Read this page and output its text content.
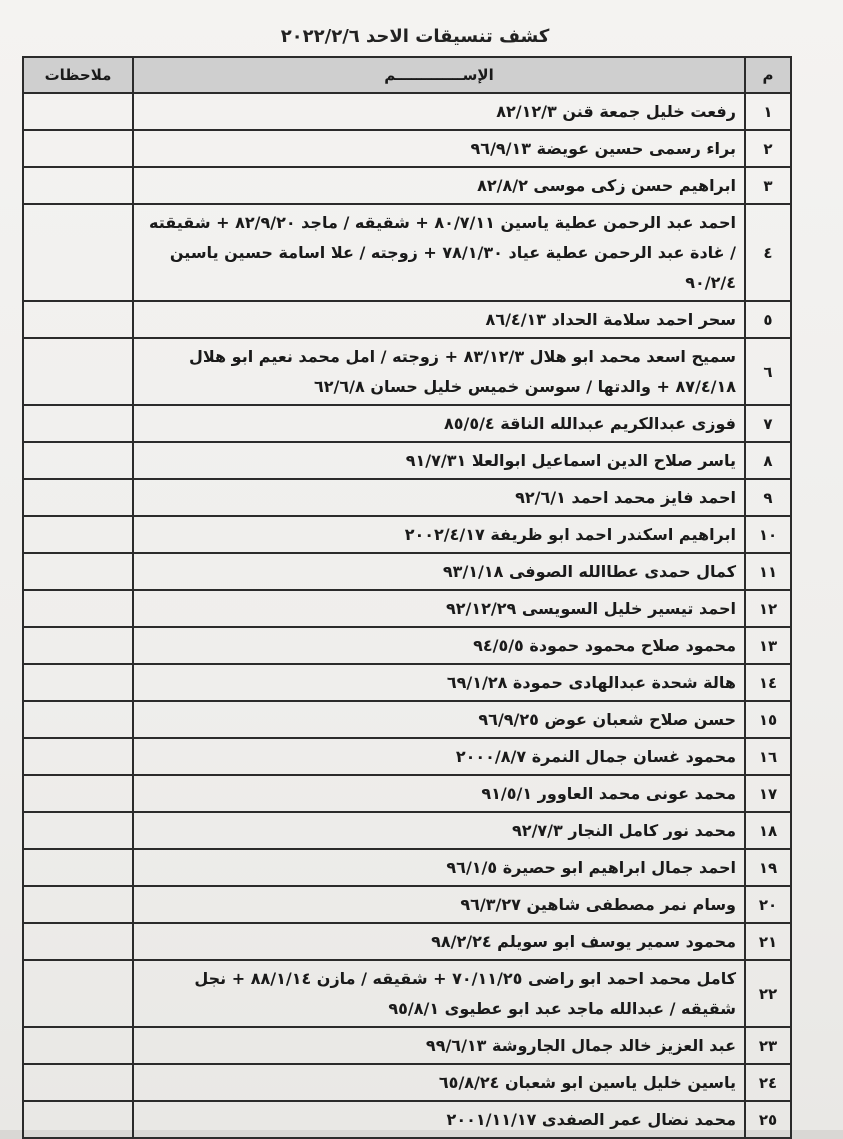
كشف تنسيقات الاحد ٢٠٢٢/٢/٦
م	الإســـــــــــــم	ملاحظات
١	رفعت خليل جمعة قنن ٨٢/١٢/٣	
٢	براء رسمى حسين عويضة ٩٦/٩/١٣	
٣	ابراهيم حسن زكى موسى ٨٢/٨/٢	
٤	احمد عبد الرحمن عطية ياسين ٨٠/٧/١١ + شقيقه / ماجد ٨٢/٩/٢٠ + شقيقته / غادة عبد الرحمن عطية عياد ٧٨/١/٣٠ + زوجته / علا اسامة حسين ياسين ٩٠/٢/٤	
٥	سحر احمد سلامة الحداد ٨٦/٤/١٣	
٦	سميح اسعد محمد ابو هلال ٨٣/١٢/٣ + زوجته / امل محمد نعيم ابو هلال ٨٧/٤/١٨ + والدتها / سوسن خميس خليل حسان ٦٢/٦/٨	
٧	فوزى عبدالكريم عبدالله الناقة ٨٥/٥/٤	
٨	ياسر صلاح الدين اسماعيل ابوالعلا ٩١/٧/٣١	
٩	احمد فايز محمد احمد ٩٢/٦/١	
١٠	ابراهيم اسكندر احمد ابو ظريفة ٢٠٠٢/٤/١٧	
١١	كمال حمدى عطاالله الصوفى ٩٣/١/١٨	
١٢	احمد تيسير خليل السويسى ٩٢/١٢/٢٩	
١٣	محمود صلاح محمود حمودة ٩٤/٥/٥	
١٤	هالة شحدة عبدالهادى حمودة ٦٩/١/٢٨	
١٥	حسن صلاح شعبان عوض ٩٦/٩/٢٥	
١٦	محمود غسان جمال النمرة ٢٠٠٠/٨/٧	
١٧	محمد عونى محمد العاوور ٩١/٥/١	
١٨	محمد نور كامل النجار ٩٢/٧/٣	
١٩	احمد جمال ابراهيم ابو حصيرة ٩٦/١/٥	
٢٠	وسام نمر مصطفى شاهين ٩٦/٣/٢٧	
٢١	محمود سمير يوسف ابو سويلم ٩٨/٢/٢٤	
٢٢	كامل محمد احمد ابو راضى ٧٠/١١/٢٥ + شقيقه / مازن ٨٨/١/١٤ + نجل شقيقه / عبدالله ماجد عبد ابو عطيوى ٩٥/٨/١	
٢٣	عبد العزيز خالد جمال الجاروشة ٩٩/٦/١٣	
٢٤	ياسين خليل ياسين ابو شعبان ٦٥/٨/٢٤	
٢٥	محمد نضال عمر الصفدى ٢٠٠١/١١/١٧	
